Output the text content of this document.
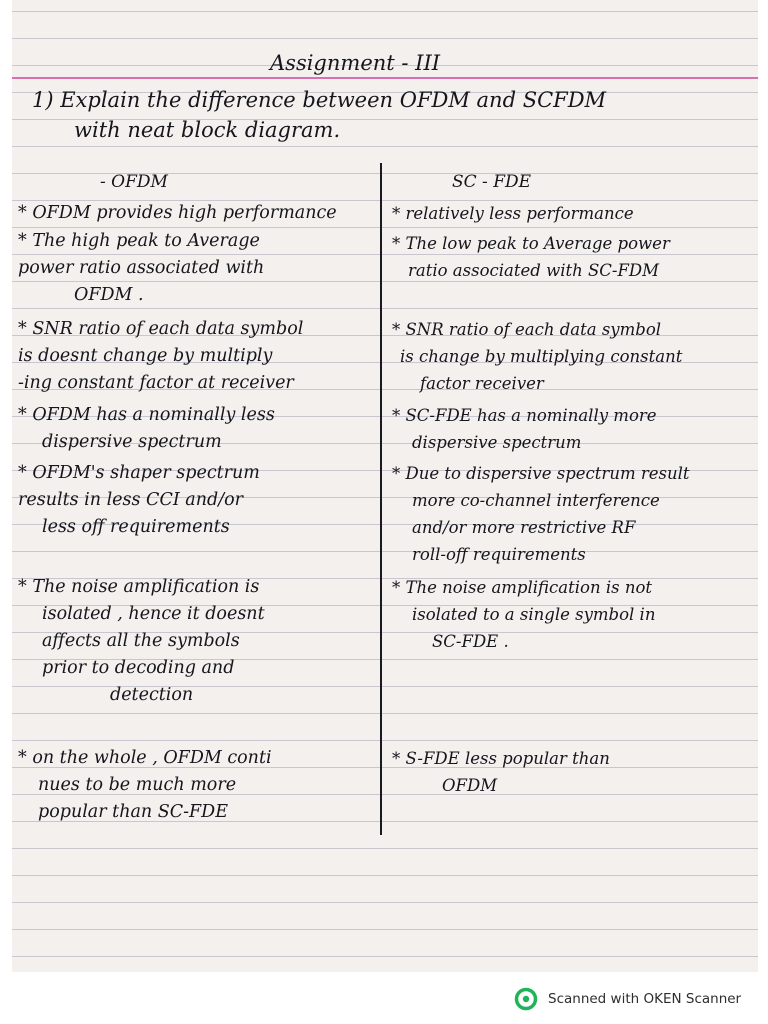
Assignment - III

1) Explain the difference between OFDM and SCFDM
with neat block diagram.

- OFDM	SC - FDE

* OFDM provides high performance
* The high peak to Average
power ratio associated with
OFDM .
* SNR ratio of each data symbol
is doesnt change by multiply
-ing constant factor at receiver
* OFDM has a nominally less
dispersive spectrum
* OFDM's shaper spectrum
results in less CCI and/or
less off requirements
* The noise amplification is
isolated , hence it doesnt
affects all the symbols
prior to decoding and
detection
* on the whole , OFDM conti
nues to be much more
popular than SC-FDE
* relatively less performance
* The low peak to Average power
ratio associated with SC-FDM
* SNR ratio of each data symbol
is change by multiplying constant
factor receiver
* SC-FDE has a nominally more
dispersive spectrum
* Due to dispersive spectrum result
more co-channel interference
and/or more restrictive RF
roll-off requirements
* The noise amplification is not
isolated to a single symbol in
SC-FDE .
* S-FDE less popular than
OFDM
Scanned with OKEN Scanner
